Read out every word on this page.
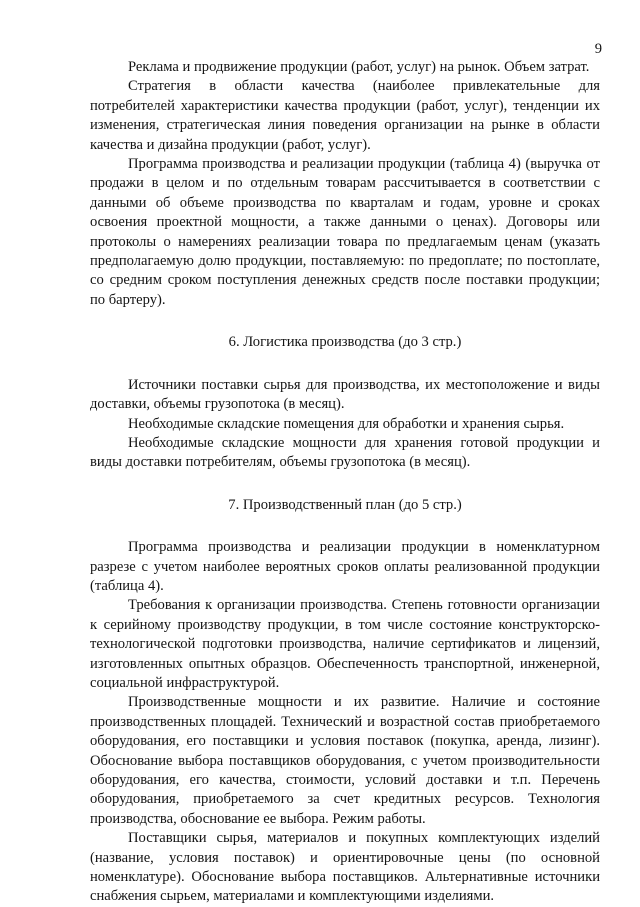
9

Реклама и продвижение продукции (работ, услуг) на рынок. Объем затрат.

Стратегия в области качества (наиболее привлекательные для потребителей характеристики качества продукции (работ, услуг), тенденции их изменения, стратегическая линия поведения организации на рынке в области качества и дизайна продукции (работ, услуг).

Программа производства и реализации продукции (таблица 4) (выручка от продажи в целом и по отдельным товарам рассчитывается в соответствии с данными об объеме производства по кварталам и годам, уровне и сроках освоения проектной мощности, а также данными о ценах). Договоры или протоколы о намерениях реализации товара по предлагаемым ценам (указать предполагаемую долю продукции, поставляемую: по предоплате; по постоплате, со средним сроком поступления денежных средств после поставки продукции; по бартеру).

6. Логистика производства (до 3 стр.)

Источники поставки сырья для производства, их местоположение и виды доставки, объемы грузопотока (в месяц).

Необходимые складские помещения для обработки и хранения сырья.

Необходимые складские мощности для хранения готовой продукции и виды доставки потребителям, объемы грузопотока (в месяц).

7. Производственный план (до 5 стр.)

Программа производства и реализации продукции в номенклатурном разрезе с учетом наиболее вероятных сроков оплаты реализованной продукции (таблица 4).

Требования к организации производства. Степень готовности организации к серийному производству продукции, в том числе состояние конструкторско-технологической подготовки производства, наличие сертификатов и лицензий, изготовленных опытных образцов. Обеспеченность транспортной, инженерной, социальной инфраструктурой.

Производственные мощности и их развитие. Наличие и состояние производственных площадей. Технический и возрастной состав приобретаемого оборудования, его поставщики и условия поставок (покупка, аренда, лизинг). Обоснование выбора поставщиков оборудования, с учетом производительности оборудования, его качества, стоимости, условий доставки и т.п. Перечень оборудования, приобретаемого за счет кредитных ресурсов. Технология производства, обоснование ее выбора. Режим работы.

Поставщики сырья, материалов и покупных комплектующих изделий (название, условия поставок) и ориентировочные цены (по основной номенклатуре). Обоснование выбора поставщиков. Альтернативные источники снабжения сырьем, материалами и комплектующими изделиями.
